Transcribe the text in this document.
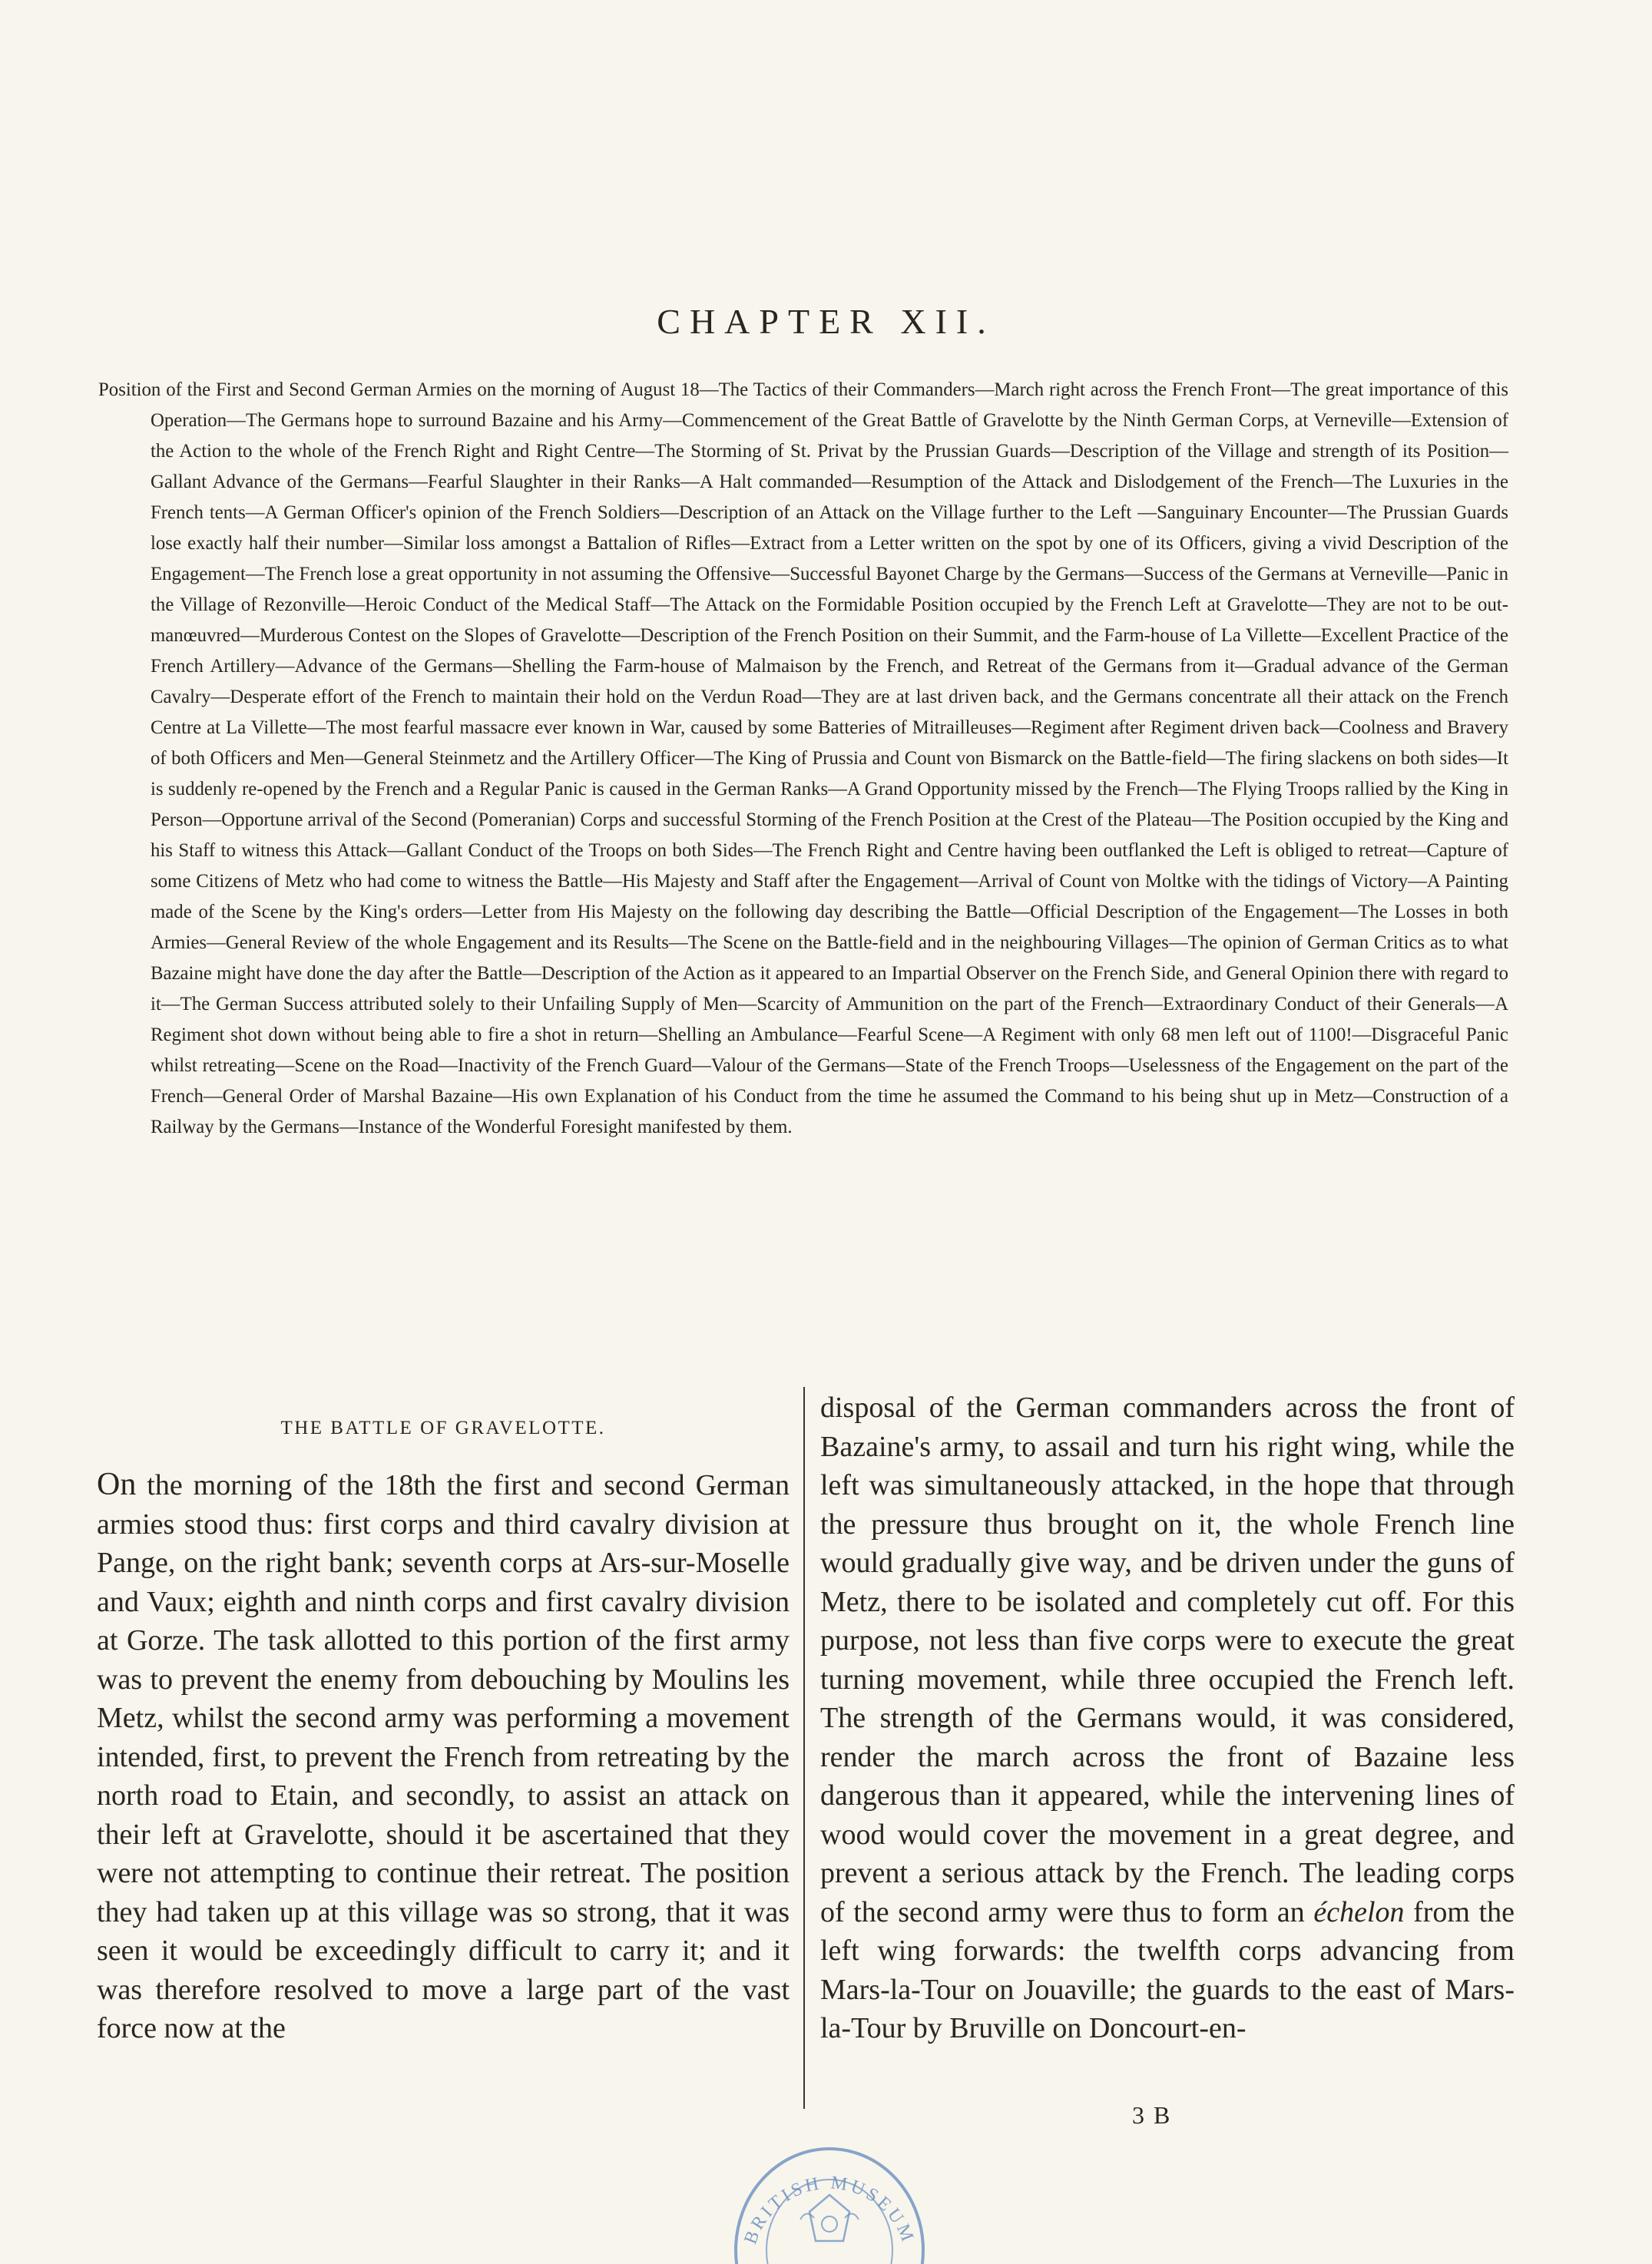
CHAPTER XII.
Position of the First and Second German Armies on the morning of August 18—The Tactics of their Commanders—March right across the French Front—The great importance of this Operation—The Germans hope to surround Bazaine and his Army—Commencement of the Great Battle of Gravelotte by the Ninth German Corps, at Verneville—Extension of the Action to the whole of the French Right and Right Centre—The Storming of St. Privat by the Prussian Guards—Description of the Village and strength of its Position—Gallant Advance of the Germans—Fearful Slaughter in their Ranks—A Halt commanded—Resumption of the Attack and Dislodgement of the French—The Luxuries in the French tents—A German Officer's opinion of the French Soldiers—Description of an Attack on the Village further to the Left —Sanguinary Encounter—The Prussian Guards lose exactly half their number—Similar loss amongst a Battalion of Rifles—Extract from a Letter written on the spot by one of its Officers, giving a vivid Description of the Engagement—The French lose a great opportunity in not assuming the Offensive—Successful Bayonet Charge by the Germans—Success of the Germans at Verneville—Panic in the Village of Rezonville—Heroic Conduct of the Medical Staff—The Attack on the Formidable Position occupied by the French Left at Gravelotte—They are not to be out-manœuvred—Murderous Contest on the Slopes of Gravelotte—Description of the French Position on their Summit, and the Farm-house of La Villette—Excellent Practice of the French Artillery—Advance of the Germans—Shelling the Farm-house of Malmaison by the French, and Retreat of the Germans from it—Gradual advance of the German Cavalry—Desperate effort of the French to maintain their hold on the Verdun Road—They are at last driven back, and the Germans concentrate all their attack on the French Centre at La Villette—The most fearful massacre ever known in War, caused by some Batteries of Mitrailleuses—Regiment after Regiment driven back—Coolness and Bravery of both Officers and Men—General Steinmetz and the Artillery Officer—The King of Prussia and Count von Bismarck on the Battle-field—The firing slackens on both sides—It is suddenly re-opened by the French and a Regular Panic is caused in the German Ranks—A Grand Opportunity missed by the French—The Flying Troops rallied by the King in Person—Opportune arrival of the Second (Pomeranian) Corps and successful Storming of the French Position at the Crest of the Plateau—The Position occupied by the King and his Staff to witness this Attack—Gallant Conduct of the Troops on both Sides—The French Right and Centre having been outflanked the Left is obliged to retreat—Capture of some Citizens of Metz who had come to witness the Battle—His Majesty and Staff after the Engagement—Arrival of Count von Moltke with the tidings of Victory—A Painting made of the Scene by the King's orders—Letter from His Majesty on the following day describing the Battle—Official Description of the Engagement—The Losses in both Armies—General Review of the whole Engagement and its Results—The Scene on the Battle-field and in the neighbouring Villages—The opinion of German Critics as to what Bazaine might have done the day after the Battle—Description of the Action as it appeared to an Impartial Observer on the French Side, and General Opinion there with regard to it—The German Success attributed solely to their Unfailing Supply of Men—Scarcity of Ammunition on the part of the French—Extraordinary Conduct of their Generals—A Regiment shot down without being able to fire a shot in return—Shelling an Ambulance—Fearful Scene—A Regiment with only 68 men left out of 1100!—Disgraceful Panic whilst retreating—Scene on the Road—Inactivity of the French Guard—Valour of the Germans—State of the French Troops—Uselessness of the Engagement on the part of the French—General Order of Marshal Bazaine—His own Explanation of his Conduct from the time he assumed the Command to his being shut up in Metz—Construction of a Railway by the Germans—Instance of the Wonderful Foresight manifested by them.
THE BATTLE OF GRAVELOTTE.

On the morning of the 18th the first and second German armies stood thus: first corps and third cavalry division at Pange, on the right bank; seventh corps at Ars-sur-Moselle and Vaux; eighth and ninth corps and first cavalry division at Gorze. The task allotted to this portion of the first army was to prevent the enemy from debouching by Moulins les Metz, whilst the second army was performing a movement intended, first, to prevent the French from retreating by the north road to Etain, and secondly, to assist an attack on their left at Gravelotte, should it be ascertained that they were not attempting to continue their retreat. The position they had taken up at this village was so strong, that it was seen it would be exceedingly difficult to carry it; and it was therefore resolved to move a large part of the vast force now at the

disposal of the German commanders across the front of Bazaine's army, to assail and turn his right wing, while the left was simultaneously attacked, in the hope that through the pressure thus brought on it, the whole French line would gradually give way, and be driven under the guns of Metz, there to be isolated and completely cut off. For this purpose, not less than five corps were to execute the great turning movement, while three occupied the French left. The strength of the Germans would, it was considered, render the march across the front of Bazaine less dangerous than it appeared, while the intervening lines of wood would cover the movement in a great degree, and prevent a serious attack by the French. The leading corps of the second army were thus to form an échelon from the left wing forwards: the twelfth corps advancing from Mars-la-Tour on Jouaville; the guards to the east of Mars-la-Tour by Bruville on Doncourt-en-
3 B
BRITISH MUSEUM
